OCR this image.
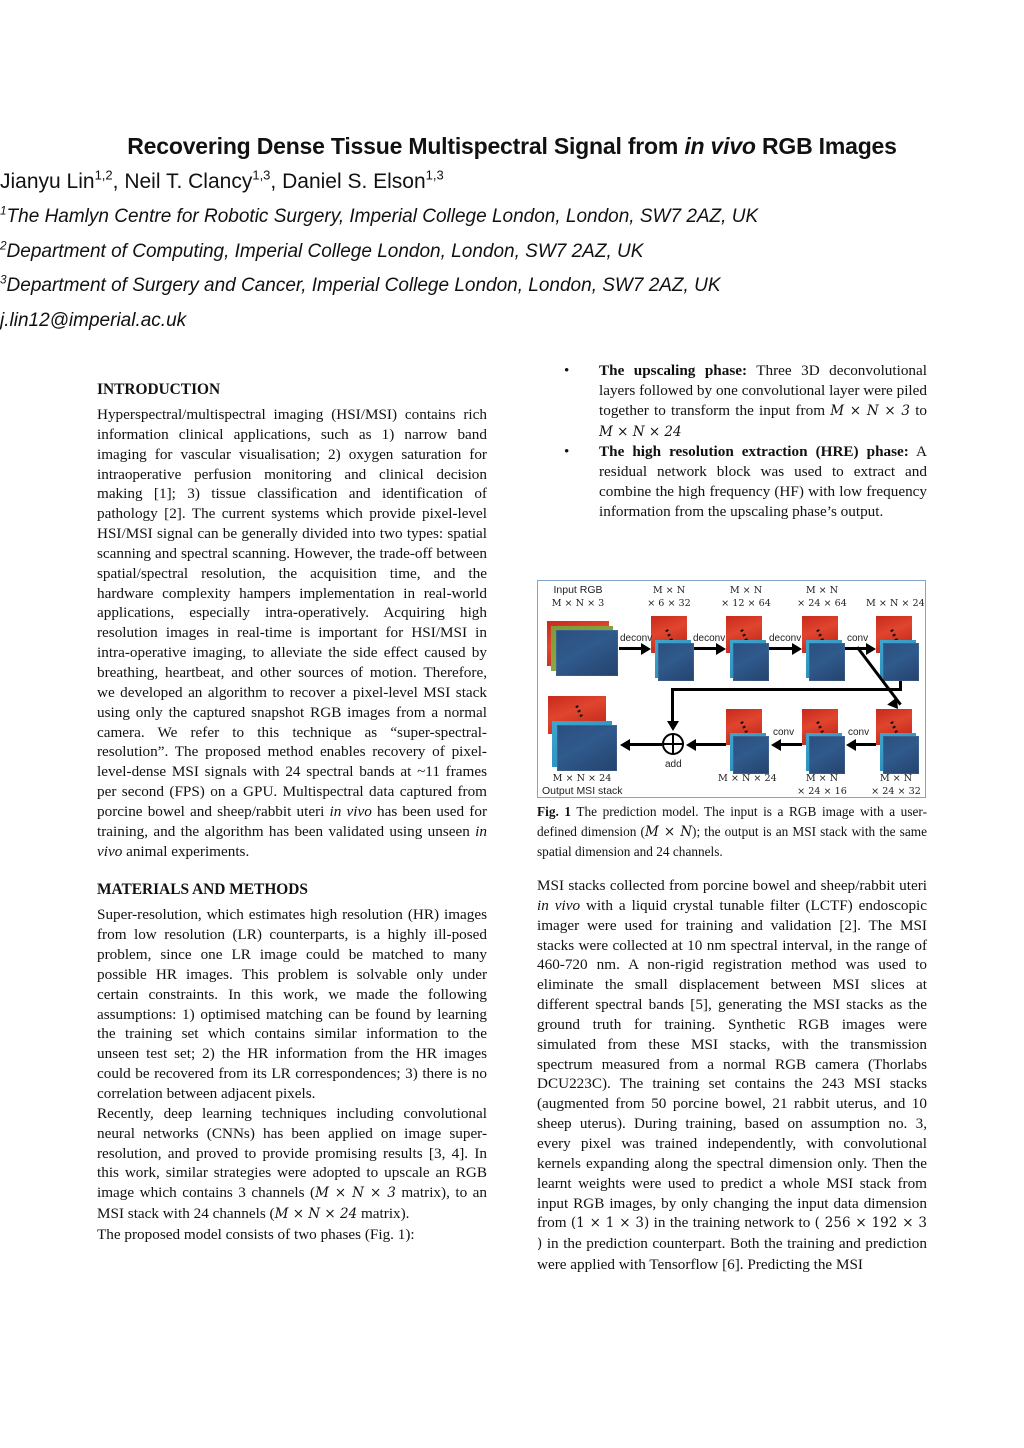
Recovering Dense Tissue Multispectral Signal from in vivo RGB Images

Jianyu Lin$^{1,2}$, Neil T. Clancy$^{1,3}$, Daniel S. Elson$^{1,3}$

$^1$The Hamlyn Centre for Robotic Surgery, Imperial College London, London, SW7 2AZ, UK

$^2$Department of Computing, Imperial College London, London, SW7 2AZ, UK

$^3$Department of Surgery and Cancer, Imperial College London, London, SW7 2AZ, UK

j.lin12@imperial.ac.uk

INTRODUCTION

Hyperspectral/multispectral imaging (HSI/MSI) contains rich information clinical applications, such as 1) narrow band imaging for vascular visualisation; 2) oxygen saturation for intraoperative perfusion monitoring and clinical decision making [1]; 3) tissue classification and identification of pathology [2]. The current systems which provide pixel-level HSI/MSI signal can be generally divided into two types: spatial scanning and spectral scanning. However, the trade-off between spatial/spectral resolution, the acquisition time, and the hardware complexity hampers implementation in real-world applications, especially intra-operatively. Acquiring high resolution images in real-time is important for HSI/MSI in intra-operative imaging, to alleviate the side effect caused by breathing, heartbeat, and other sources of motion. Therefore, we developed an algorithm to recover a pixel-level MSI stack using only the captured snapshot RGB images from a normal camera. We refer to this technique as “super-spectral-resolution”. The proposed method enables recovery of pixel-level-dense MSI signals with 24 spectral bands at ~11 frames per second (FPS) on a GPU. Multispectral data captured from porcine bowel and sheep/rabbit uteri in vivo has been used for training, and the algorithm has been validated using unseen in vivo animal experiments.

MATERIALS AND METHODS

Super-resolution, which estimates high resolution (HR) images from low resolution (LR) counterparts, is a highly ill-posed problem, since one LR image could be matched to many possible HR images. This problem is solvable only under certain constraints. In this work, we made the following assumptions: 1) optimised matching can be found by learning the training set which contains similar information to the unseen test set; 2) the HR information from the HR images could be recovered from its LR correspondences; 3) there is no correlation between adjacent pixels.

Recently, deep learning techniques including convolutional neural networks (CNNs) has been applied on image super-resolution, and proved to provide promising results [3, 4]. In this work, similar strategies were adopted to upscale an RGB image which contains 3 channels (M × N × 3 matrix), to an MSI stack with 24 channels (M × N × 24 matrix).

The proposed model consists of two phases (Fig. 1):

• The upscaling phase: Three 3D deconvolutional layers followed by one convolutional layer were piled together to transform the input from M × N × 3 to M × N × 24
• The high resolution extraction (HRE) phase: A residual network block was used to extract and combine the high frequency (HF) with low frequency information from the upscaling phase’s output.
Input RGB
M × N × 3
M × N
× 6 × 32
M × N
× 12 × 64
M × N
× 24 × 64	M × N × 24
deconv	deconv	deconv	conv
conv
conv
add
M × N × 24
Output MSI stack
M × N × 24	M × N
× 24 × 16
M × N
× 24 × 32
Fig. 1 The prediction model. The input is a RGB image with a user-defined dimension (M × N); the output is an MSI stack with the same spatial dimension and 24 channels.

MSI stacks collected from porcine bowel and sheep/rabbit uteri in vivo with a liquid crystal tunable filter (LCTF) endoscopic imager were used for training and validation [2]. The MSI stacks were collected at 10 nm spectral interval, in the range of 460-720 nm. A non-rigid registration method was used to eliminate the small displacement between MSI slices at different spectral bands [5], generating the MSI stacks as the ground truth for training. Synthetic RGB images were simulated from these MSI stacks, with the transmission spectrum measured from a normal RGB camera (Thorlabs DCU223C). The training set contains the 243 MSI stacks (augmented from 50 porcine bowel, 21 rabbit uterus, and 10 sheep uterus). During training, based on assumption no. 3, every pixel was trained independently, with convolutional kernels expanding along the spectral dimension only. Then the learnt weights were used to predict a whole MSI stack from input RGB images, by only changing the input data dimension from (1 × 1 × 3) in the training network to ( 256 × 192 × 3 ) in the prediction counterpart. Both the training and prediction were applied with Tensorflow [6]. Predicting the MSI
